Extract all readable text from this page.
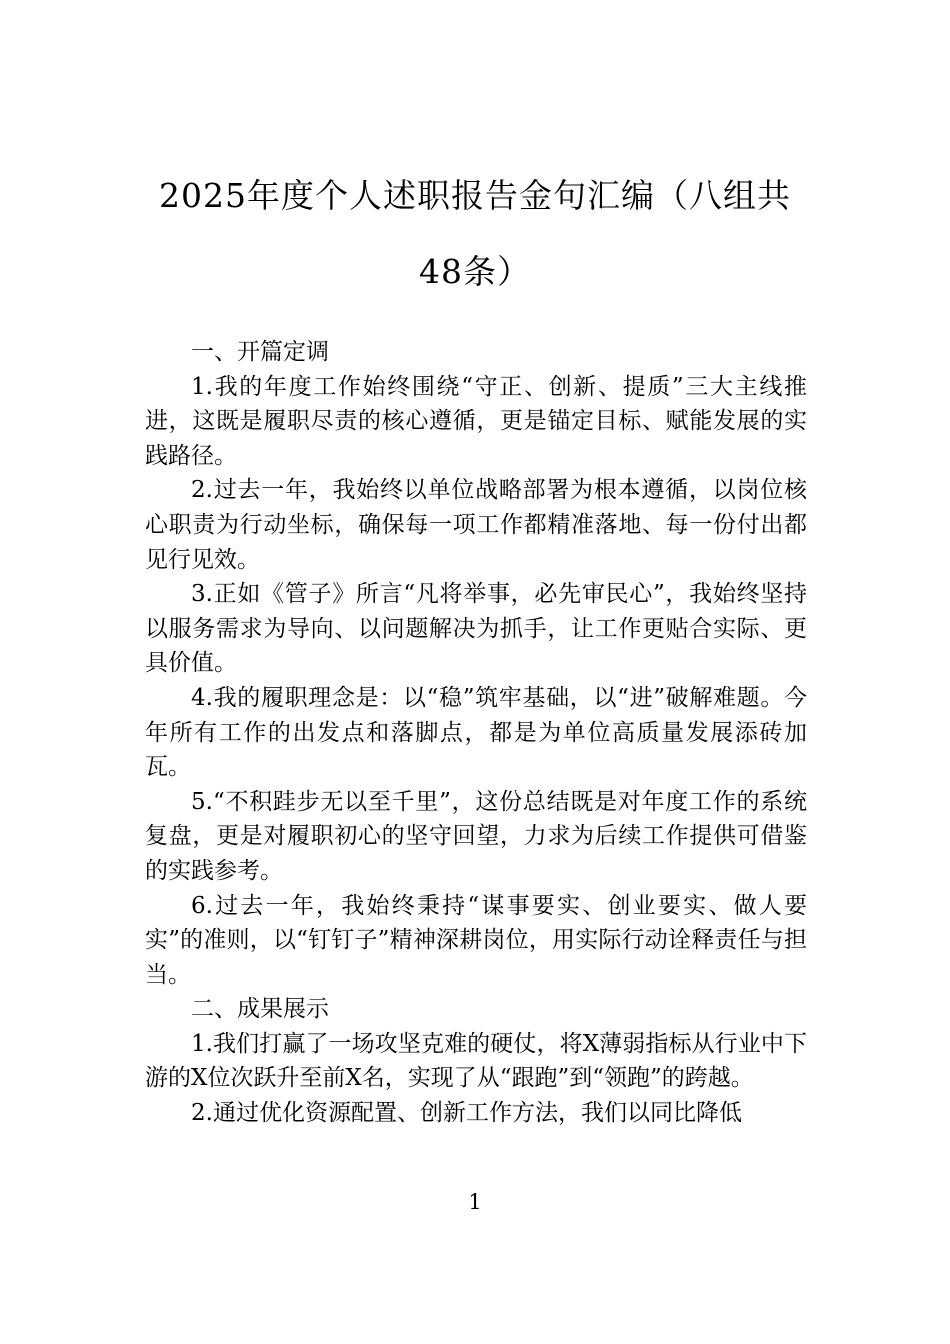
2025年度个人述职报告金句汇编（八组共48条）

一、开篇定调

1.我的年度工作始终围绕“守正、创新、提质”三大主线推进，这既是履职尽责的核心遵循，更是锚定目标、赋能发展的实践路径。

2.过去一年，我始终以单位战略部署为根本遵循，以岗位核心职责为行动坐标，确保每一项工作都精准落地、每一份付出都见行见效。

3.正如《管子》所言“凡将举事，必先审民心”，我始终坚持以服务需求为导向、以问题解决为抓手，让工作更贴合实际、更具价值。

4.我的履职理念是：以“稳”筑牢基础，以“进”破解难题。今年所有工作的出发点和落脚点，都是为单位高质量发展添砖加瓦。

5.“不积跬步无以至千里”，这份总结既是对年度工作的系统复盘，更是对履职初心的坚守回望，力求为后续工作提供可借鉴的实践参考。

6.过去一年，我始终秉持“谋事要实、创业要实、做人要实”的准则，以“钉钉子”精神深耕岗位，用实际行动诠释责任与担当。

二、成果展示

1.我们打赢了一场攻坚克难的硬仗，将X薄弱指标从行业中下游的X位次跃升至前X名，实现了从“跟跑”到“领跑”的跨越。

2.通过优化资源配置、创新工作方法，我们以同比降低

1
